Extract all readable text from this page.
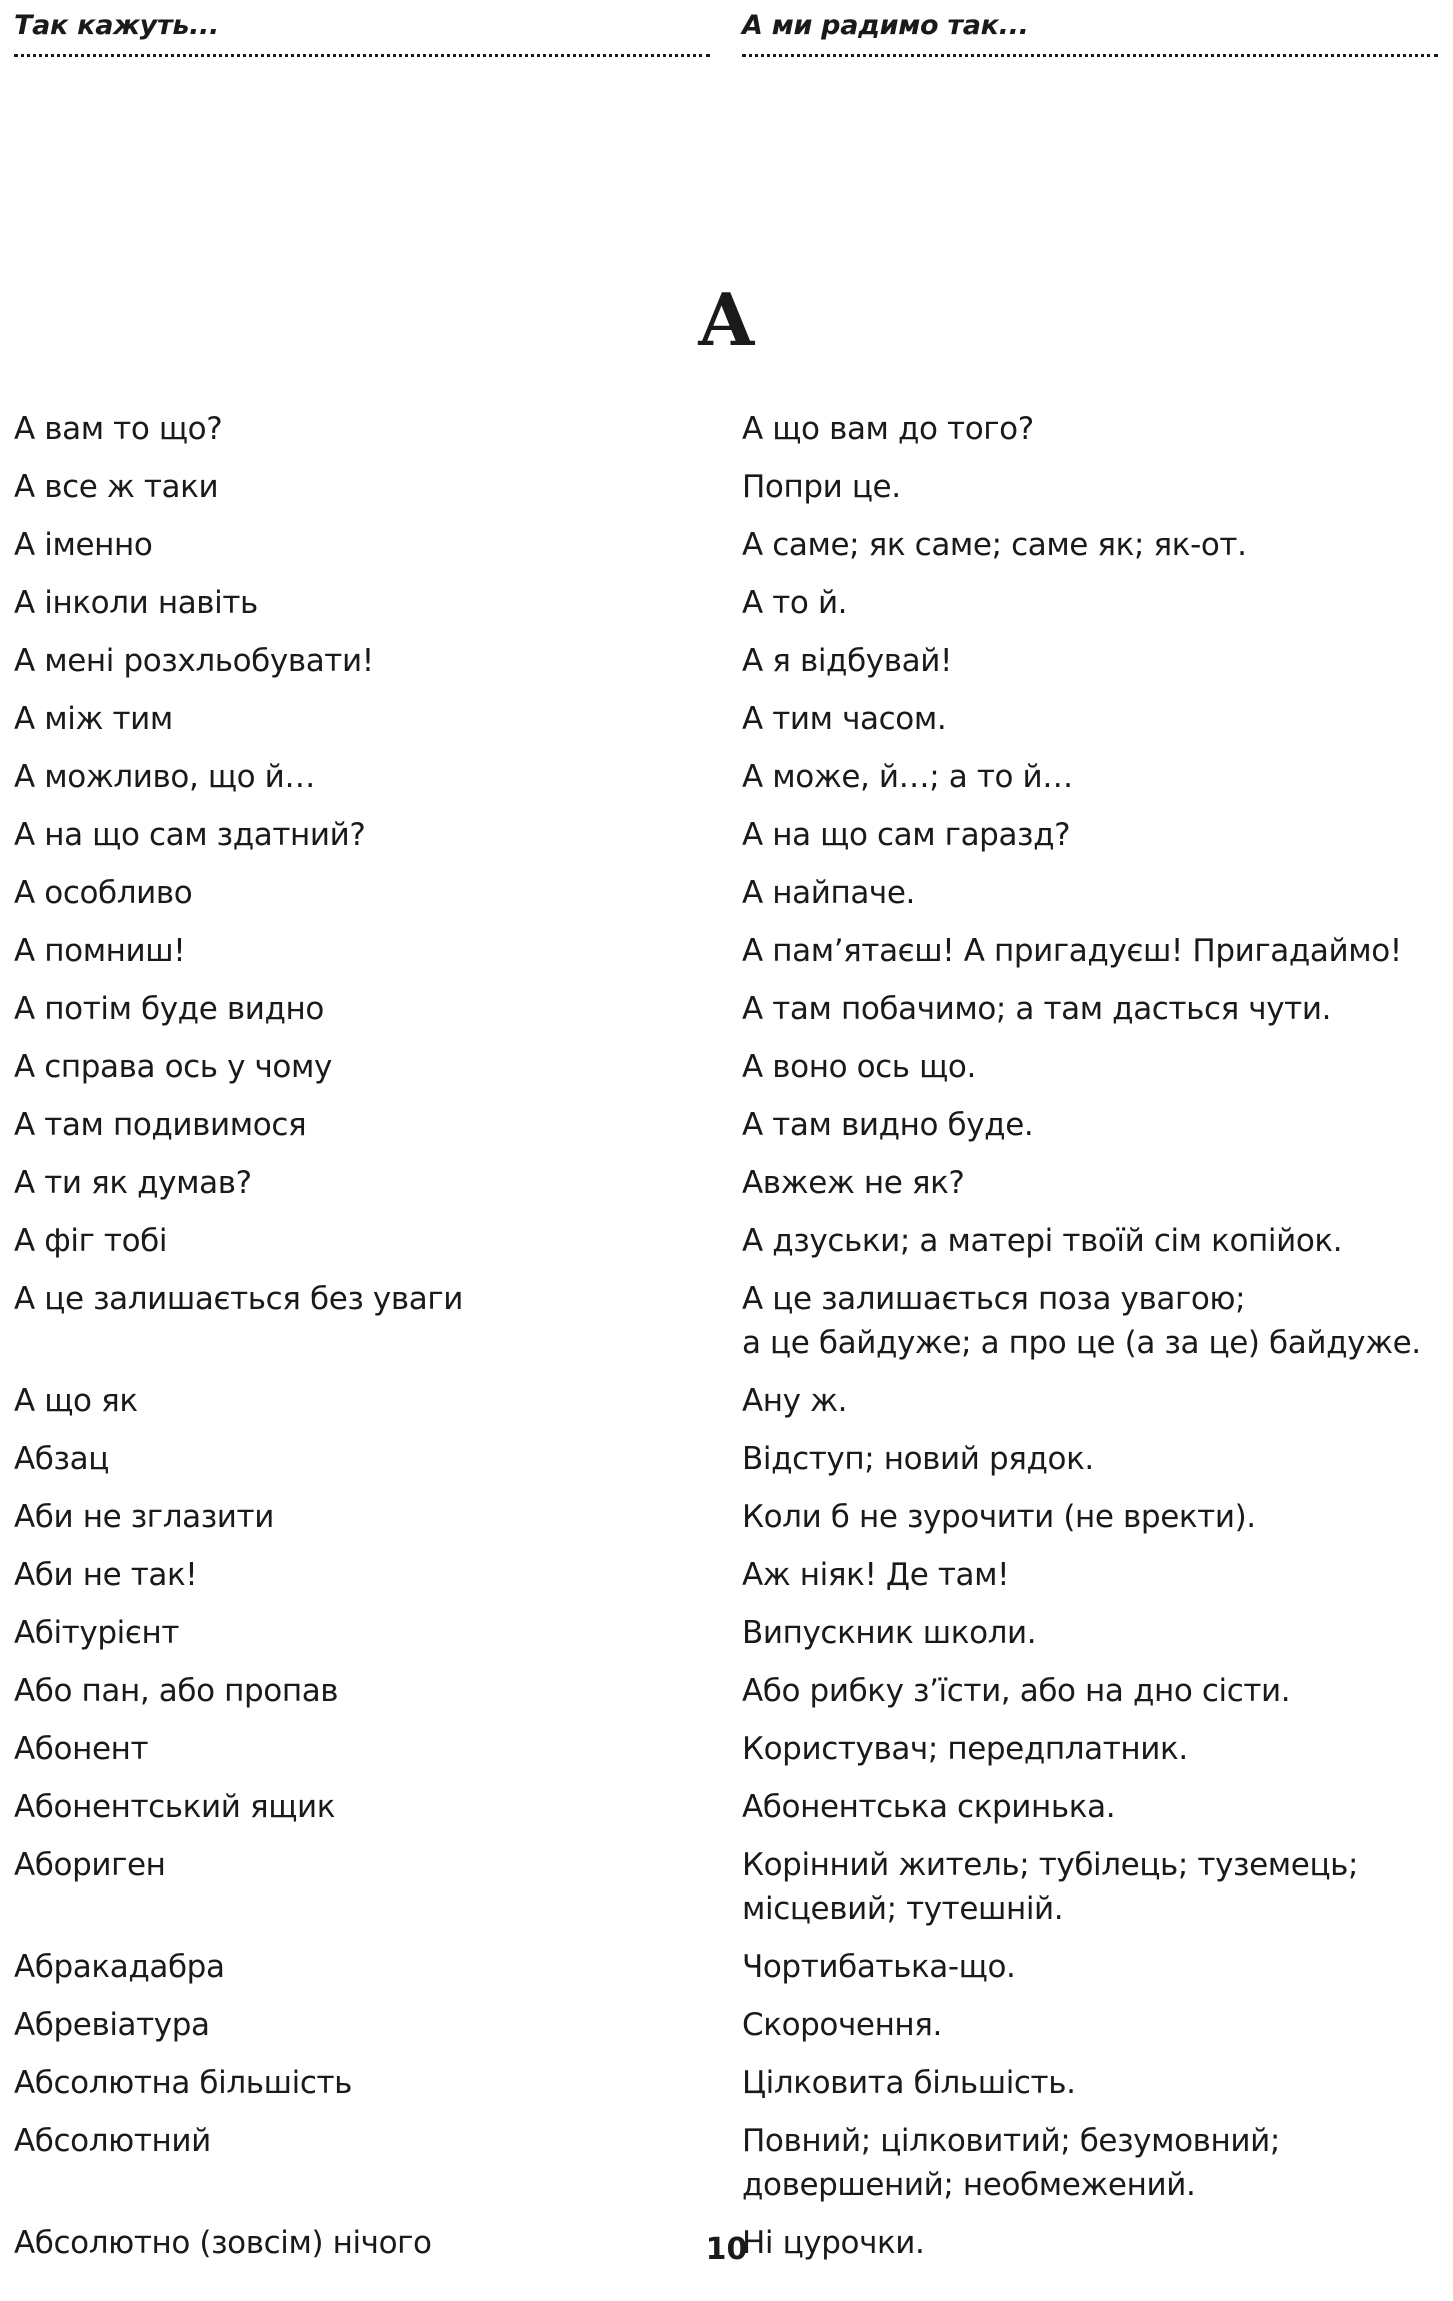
Так кажуть...	А ми радимо так...
А
А вам то що?	А що вам до того?
А все ж таки	Попри це.
А іменно	А саме; як саме; саме як; як-от.
А інколи навіть	А то й.
А мені розхльобувати!	А я відбувай!
А між тим	А тим часом.
А можливо, що й…	А може, й…; а то й…
А на що сам здатний?	А на що сам гаразд?
А особливо	А найпаче.
А помниш!	А пам’ятаєш! А пригадуєш! Пригадаймо!
А потім буде видно	А там побачимо; а там дасться чути.
А справа ось у чому	А воно ось що.
А там подивимося	А там видно буде.
А ти як думав?	Авжеж не як?
А фіг тобі	А дзуськи; а матері твоїй сім копійок.
А це залишається без уваги	А це залишається поза увагою;
а це байдуже; а про це (а за це) байдуже.
А що як	Ану ж.
Абзац	Відступ; новий рядок.
Аби не зглазити	Коли б не зурочити (не вректи).
Аби не так!	Аж ніяк! Де там!
Абітурієнт	Випускник школи.
Або пан, або пропав	Або рибку з’їсти, або на дно сісти.
Абонент	Користувач; передплатник.
Абонентський ящик	Абонентська скринька.
Абориген	Корінний житель; тубілець; туземець;
місцевий; тутешній.
Абракадабра	Чортибатька-що.
Абревіатура	Скорочення.
Абсолютна більшість	Цілковита більшість.
Абсолютний	Повний; цілковитий; безумовний;
довершений; необмежений.
Абсолютно (зовсім) нічого	Ні цурочки.
10
